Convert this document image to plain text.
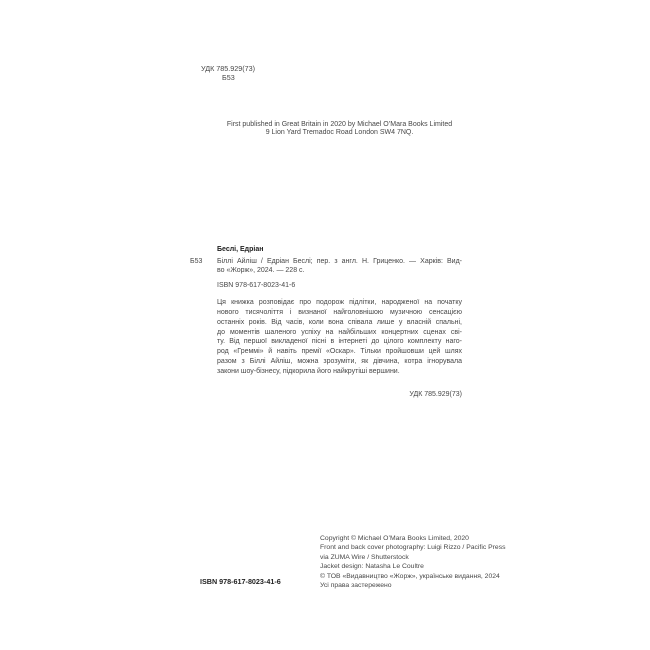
УДК 785.929(73)
Б53
First published in Great Britain in 2020 by Michael O’Mara Books Limited
9 Lion Yard Tremadoc Road London SW4 7NQ.
Б53
Беслі, Едріан
Біллі Айліш / Едріан Беслі; пер. з англ. Н. Гриценко. — Харків: Вид-
во «Жорж», 2024. — 228 с.
ISBN 978-617-8023-41-6
Ця книжка розповідає про подорож підлітки, народженої на початку
нового тисячоліття і визнаної найголовнішою музичною сенсацією
останніх років. Від часів, коли вона співала лише у власній спальні,
до моментів шаленого успіху на найбільших концертних сценах сві-
ту. Від першої викладеної пісні в інтернеті до цілого комплекту наго-
род «Греммі» й навіть премії «Оскар». Тільки пройшовши цей шлях
разом з Біллі Айліш, можна зрозуміти, як дівчина, котра ігнорувала
закони шоу-бізнесу, підкорила його найкрутіші вершини.
УДК 785.929(73)
Copyright © Michael O’Mara Books Limited, 2020
Front and back cover photography: Luigi Rizzo / Pacific Press
via ZUMA Wire / Shutterstock
Jacket design: Natasha Le Coultre
© ТОВ «Видавництво «Жорж», українське видання, 2024
Усі права застережено
ISBN 978-617-8023-41-6
